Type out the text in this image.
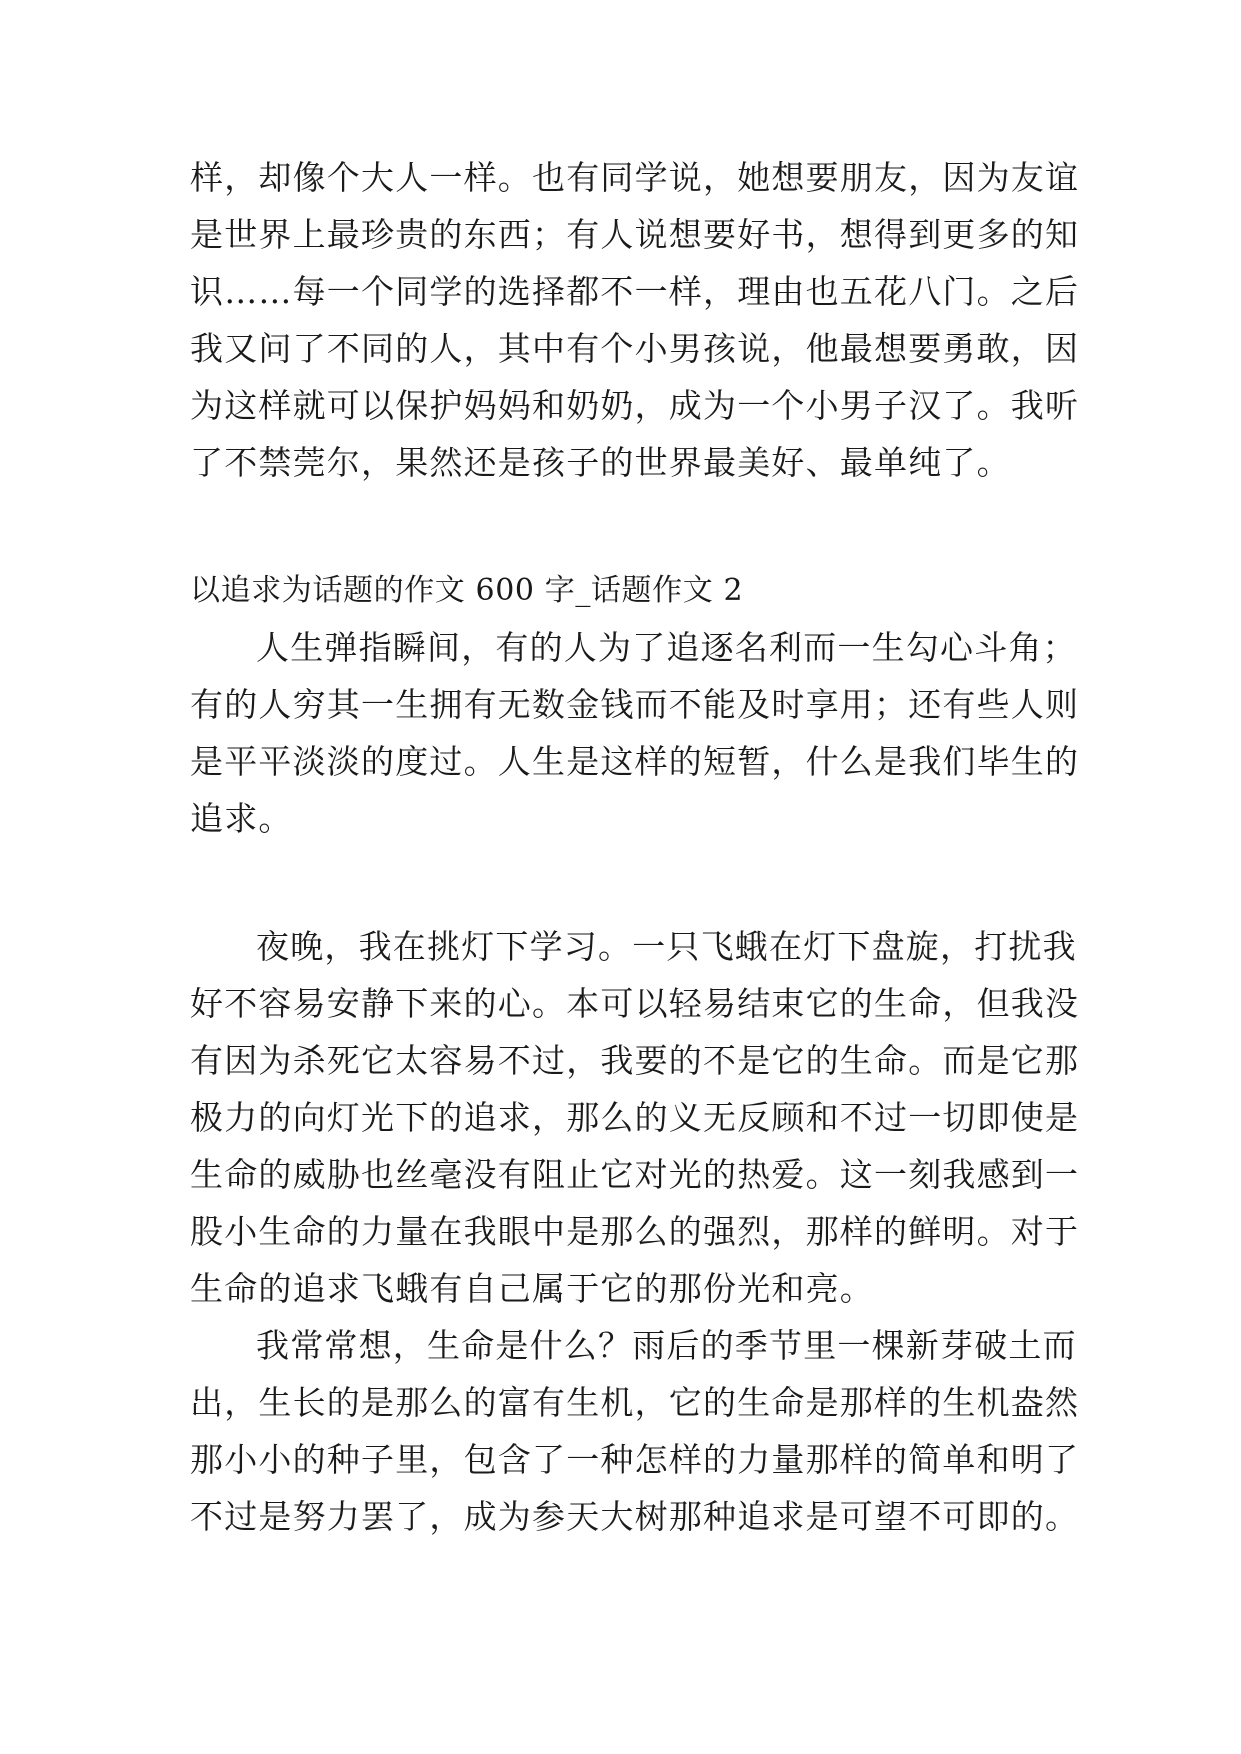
样，却像个大人一样。也有同学说，她想要朋友，因为友谊
是世界上最珍贵的东西；有人说想要好书，想得到更多的知
识……每一个同学的选择都不一样，理由也五花八门。之后
我又问了不同的人，其中有个小男孩说，他最想要勇敢，因
为这样就可以保护妈妈和奶奶，成为一个小男子汉了。我听
了不禁莞尔，果然还是孩子的世界最美好、最单纯了。
以追求为话题的作文 600 字_话题作文 2
人生弹指瞬间，有的人为了追逐名利而一生勾心斗角；
有的人穷其一生拥有无数金钱而不能及时享用；还有些人则
是平平淡淡的度过。人生是这样的短暂，什么是我们毕生的
追求。
夜晚，我在挑灯下学习。一只飞蛾在灯下盘旋，打扰我
好不容易安静下来的心。本可以轻易结束它的生命，但我没
有因为杀死它太容易不过，我要的不是它的生命。而是它那
极力的向灯光下的追求，那么的义无反顾和不过一切即使是
生命的威胁也丝毫没有阻止它对光的热爱。这一刻我感到一
股小生命的力量在我眼中是那么的强烈，那样的鲜明。对于
生命的追求飞蛾有自己属于它的那份光和亮。
我常常想，生命是什么？雨后的季节里一棵新芽破土而
出，生长的是那么的富有生机，它的生命是那样的生机盎然
那小小的种子里，包含了一种怎样的力量那样的简单和明了
不过是努力罢了，成为参天大树那种追求是可望不可即的。
